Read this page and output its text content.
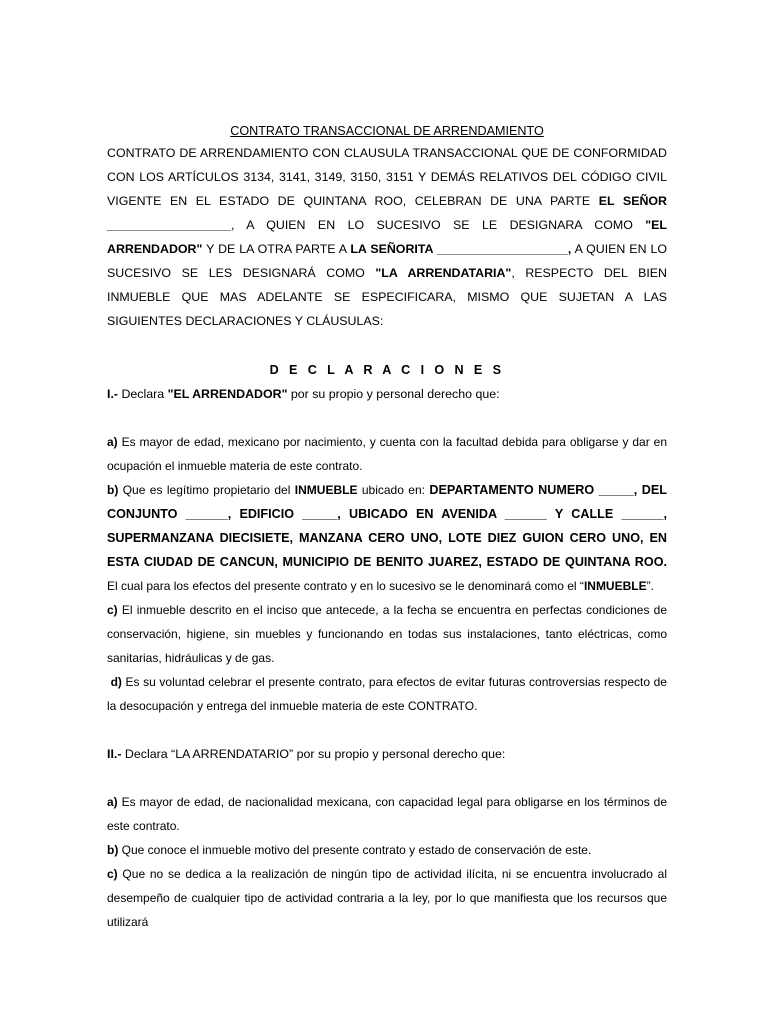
CONTRATO TRANSACCIONAL DE ARRENDAMIENTO

CONTRATO DE ARRENDAMIENTO CON CLAUSULA TRANSACCIONAL QUE DE CONFORMIDAD CON LOS ARTÍCULOS 3134, 3141, 3149, 3150, 3151 Y DEMÁS RELATIVOS DEL CÓDIGO CIVIL VIGENTE EN EL ESTADO DE QUINTANA ROO, CELEBRAN DE UNA PARTE EL SEÑOR __________________, A QUIEN EN LO SUCESIVO SE LE DESIGNARA COMO "EL ARRENDADOR" Y DE LA OTRA PARTE A LA SEÑORITA ___________________, A QUIEN EN LO SUCESIVO SE LES DESIGNARÁ COMO "LA ARRENDATARIA", RESPECTO DEL BIEN INMUEBLE QUE MAS ADELANTE SE ESPECIFICARA, MISMO QUE SUJETAN A LAS SIGUIENTES DECLARACIONES Y CLÁUSULAS:

D E C L A R A C I O N E S

I.- Declara "EL ARRENDADOR" por su propio y personal derecho que:

a) Es mayor de edad, mexicano por nacimiento, y cuenta con la facultad debida para obligarse y dar en ocupación el inmueble materia de este contrato.

b) Que es legítimo propietario del INMUEBLE ubicado en: DEPARTAMENTO NUMERO _____, DEL CONJUNTO ______, EDIFICIO _____, UBICADO EN AVENIDA ______ Y CALLE ______, SUPERMANZANA DIECISIETE, MANZANA CERO UNO, LOTE DIEZ GUION CERO UNO, EN ESTA CIUDAD DE CANCUN, MUNICIPIO DE BENITO JUAREZ, ESTADO DE QUINTANA ROO. El cual para los efectos del presente contrato y en lo sucesivo se le denominará como el “INMUEBLE”.

c) El inmueble descrito en el inciso que antecede, a la fecha se encuentra en perfectas condiciones de conservación, higiene, sin muebles y funcionando en todas sus instalaciones, tanto eléctricas, como sanitarias, hidráulicas y de gas.

d) Es su voluntad celebrar el presente contrato, para efectos de evitar futuras controversias respecto de la desocupación y entrega del inmueble materia de este CONTRATO.

II.- Declara “LA ARRENDATARIO” por su propio y personal derecho que:

a) Es mayor de edad, de nacionalidad mexicana, con capacidad legal para obligarse en los términos de este contrato.

b) Que conoce el inmueble motivo del presente contrato y estado de conservación de este.

c) Que no se dedica a la realización de ningún tipo de actividad ilícita, ni se encuentra involucrado al desempeño de cualquier tipo de actividad contraria a la ley, por lo que manifiesta que los recursos que utilizará
